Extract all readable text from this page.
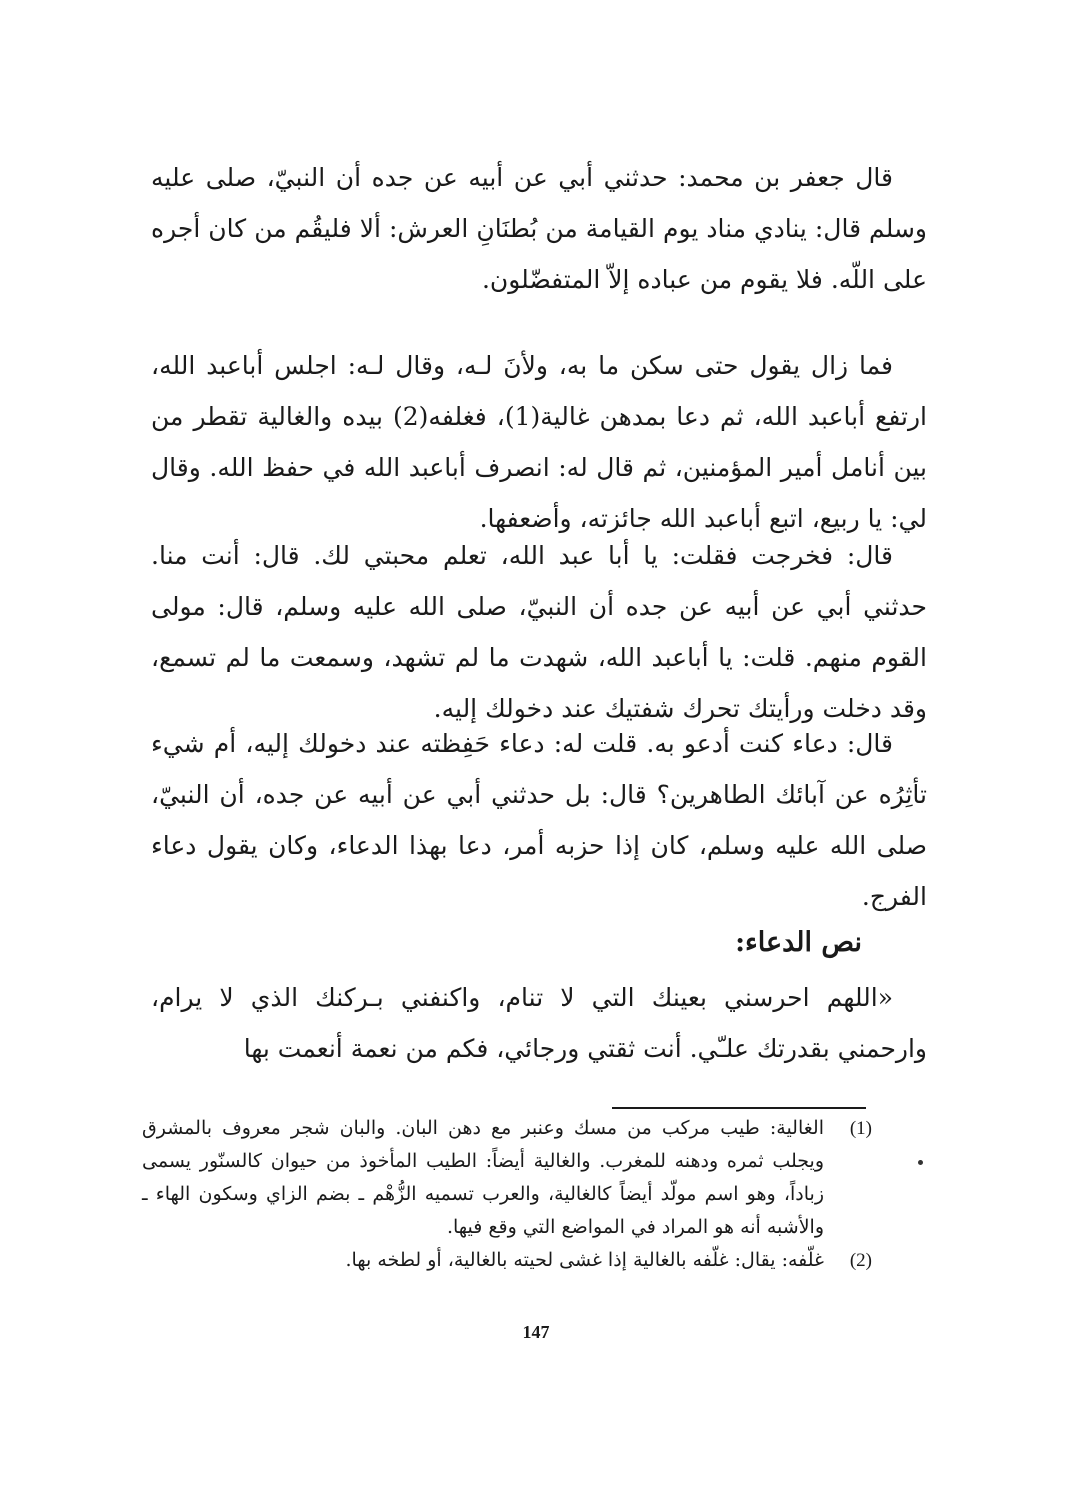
قال جعفر بن محمد: حدثني أبي عن أبيه عن جده أن النبيّ، صلى عليه وسلم قال: ينادي مناد يوم القيامة من بُطنَانِ العرش: ألا فليقُم من كان أجره على اللّه. فلا يقوم من عباده إلاّ المتفضّلون.

فما زال يقول حتى سكن ما به، ولأنَ لـه، وقال لـه: اجلس أباعبد الله، ارتفع أباعبد الله، ثم دعا بمدهن غالية(1)، فغلفه(2) بيده والغالية تقطر من بين أنامل أمير المؤمنين، ثم قال له: انصرف أباعبد الله في حفظ الله. وقال لي: يا ربيع، اتبع أباعبد الله جائزته، وأضعفها.

قال: فخرجت فقلت: يا أبا عبد الله، تعلم محبتي لك. قال: أنت منا. حدثني أبي عن أبيه عن جده أن النبيّ، صلى الله عليه وسلم، قال: مولى القوم منهم. قلت: يا أباعبد الله، شهدت ما لم تشهد، وسمعت ما لم تسمع، وقد دخلت ورأيتك تحرك شفتيك عند دخولك إليه.

قال: دعاء كنت أدعو به. قلت له: دعاء حَفِظته عند دخولك إليه، أم شيء تأثِرُه عن آبائك الطاهرين؟ قال: بل حدثني أبي عن أبيه عن جده، أن النبيّ، صلى الله عليه وسلم، كان إذا حزبه أمر، دعا بهذا الدعاء، وكان يقول دعاء الفرج.

نص الدعاء:

«اللهم احرسني بعينك التي لا تنام، واكنفني بـركنك الذي لا يرام، وارحمني بقدرتك علـّي. أنت ثقتي ورجائي، فكم من نعمة أنعمت بها

(1)
الغالية: طيب مركب من مسك وعنبر مع دهن البان. والبان شجر معروف بالمشرق ويجلب ثمره ودهنه للمغرب. والغالية أيضاً: الطيب المأخوذ من حيوان كالسنّور يسمى زباداً، وهو اسم مولّد أيضاً كالغالية، والعرب تسميه الزُّهْم ـ بضم الزاي وسكون الهاء ـ والأشبه أنه هو المراد في المواضع التي وقع فيها.
(2)
غلّفه: يقال: غلّفه بالغالية إذا غشى لحيته بالغالية، أو لطخه بها.
147
